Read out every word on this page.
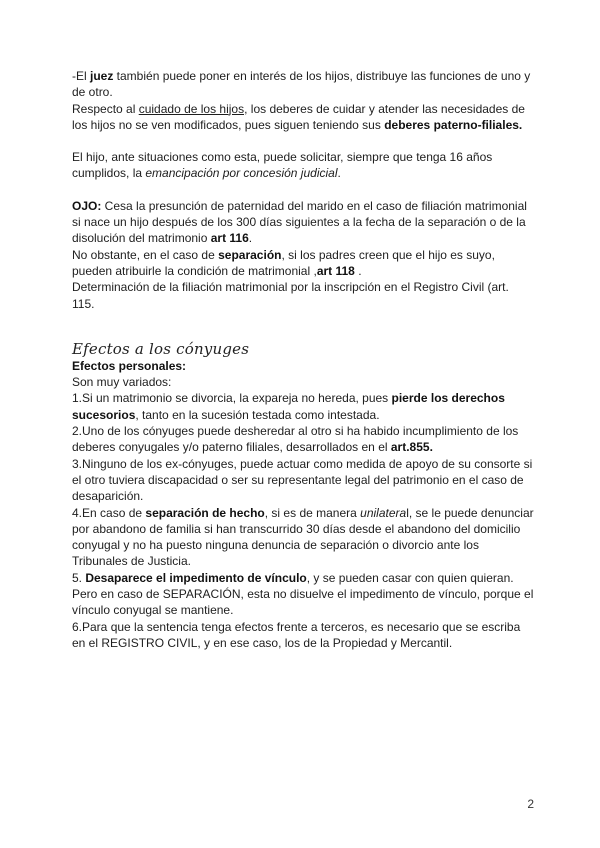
-El juez también puede poner en interés de los hijos, distribuye las funciones de uno y de otro.

Respecto al cuidado de los hijos, los deberes de cuidar y atender las necesidades de los hijos no se ven modificados, pues siguen teniendo sus deberes paterno-filiales.

El hijo, ante situaciones como esta, puede solicitar, siempre que tenga 16 años cumplidos, la emancipación por concesión judicial.

OJO: Cesa la presunción de paternidad del marido en el caso de filiación matrimonial si nace un hijo después de los 300 días siguientes a la fecha de la separación o de la disolución del matrimonio art 116.

No obstante, en el caso de separación, si los padres creen que el hijo es suyo, pueden atribuirle la condición de matrimonial ,art 118 .

Determinación de la filiación matrimonial por la inscripción en el Registro Civil (art. 115.

Efectos a los cónyuges

Efectos personales:

Son muy variados:

1.Si un matrimonio se divorcia, la expareja no hereda, pues pierde los derechos sucesorios, tanto en la sucesión testada como intestada.

2.Uno de los cónyuges puede desheredar al otro si ha habido incumplimiento de los deberes conyugales y/o paterno filiales, desarrollados en el art.855.

3.Ninguno de los ex-cónyuges, puede actuar como medida de apoyo de su consorte si el otro tuviera discapacidad o ser su representante legal del patrimonio en el caso de desaparición.

4.En caso de separación de hecho, si es de manera unilateral, se le puede denunciar por abandono de familia si han transcurrido 30 días desde el abandono del domicilio conyugal y no ha puesto ninguna denuncia de separación o divorcio ante los Tribunales de Justicia.

5. Desaparece el impedimento de vínculo, y se pueden casar con quien quieran.

Pero en caso de SEPARACIÓN, esta no disuelve el impedimento de vínculo, porque el vínculo conyugal se mantiene.

6.Para que la sentencia tenga efectos frente a terceros, es necesario que se escriba en el REGISTRO CIVIL, y en ese caso, los de la Propiedad y Mercantil.

2
